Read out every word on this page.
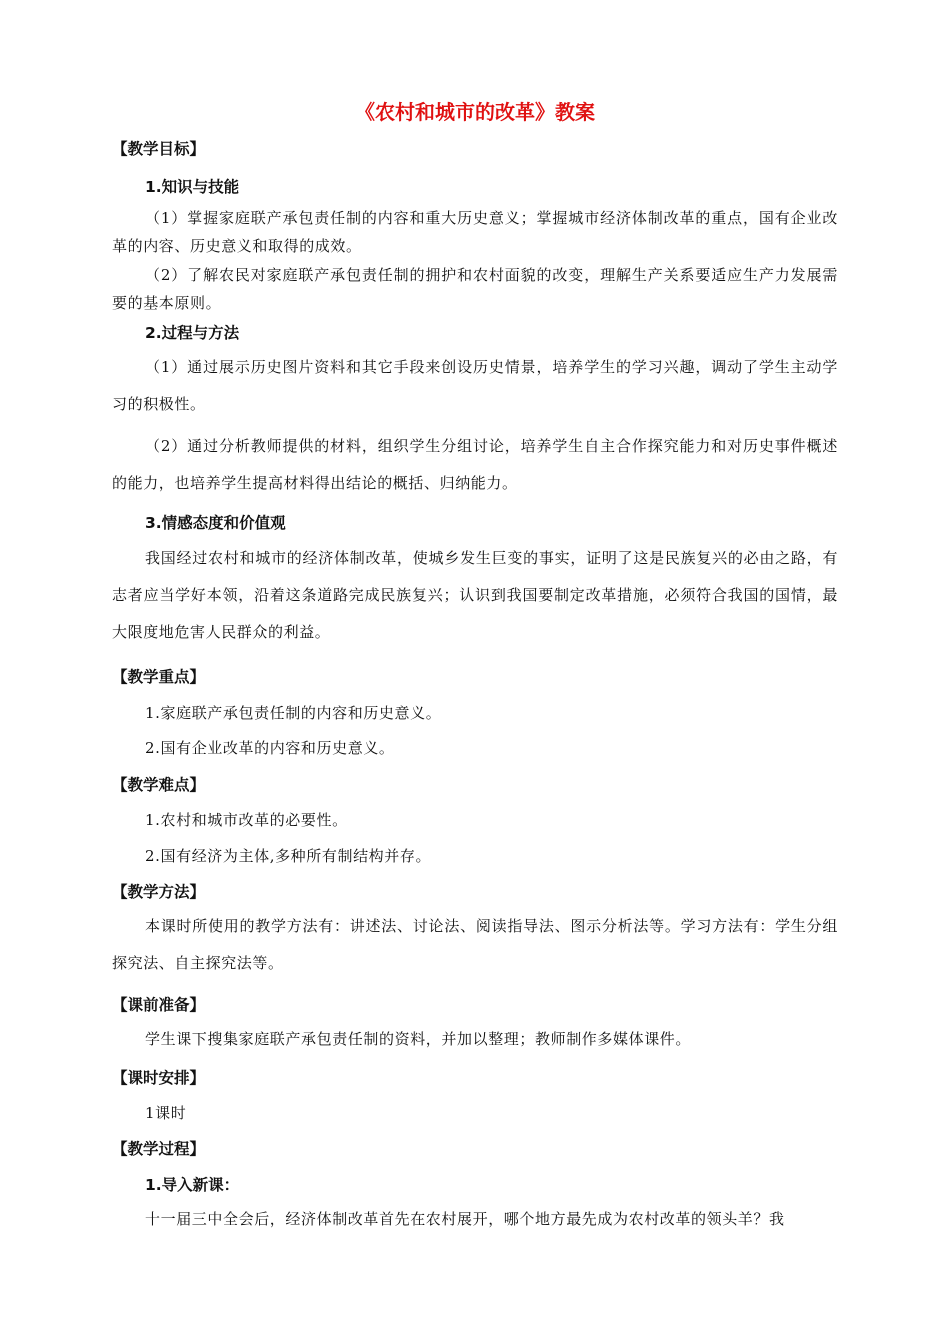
《农村和城市的改革》教案
【教学目标】
1.知识与技能
（1）掌握家庭联产承包责任制的内容和重大历史意义；掌握城市经济体制改革的重点，国有企业改革的内容、历史意义和取得的成效。
（2）了解农民对家庭联产承包责任制的拥护和农村面貌的改变，理解生产关系要适应生产力发展需要的基本原则。
2.过程与方法
（1）通过展示历史图片资料和其它手段来创设历史情景，培养学生的学习兴趣，调动了学生主动学习的积极性。
（2）通过分析教师提供的材料，组织学生分组讨论，培养学生自主合作探究能力和对历史事件概述的能力，也培养学生提高材料得出结论的概括、归纳能力。
3.情感态度和价值观
我国经过农村和城市的经济体制改革，使城乡发生巨变的事实，证明了这是民族复兴的必由之路，有志者应当学好本领，沿着这条道路完成民族复兴；认识到我国要制定改革措施，必须符合我国的国情，最大限度地危害人民群众的利益。
【教学重点】
1.家庭联产承包责任制的内容和历史意义。
2.国有企业改革的内容和历史意义。
【教学难点】
1.农村和城市改革的必要性。
2.国有经济为主体,多种所有制结构并存。
【教学方法】
本课时所使用的教学方法有：讲述法、讨论法、阅读指导法、图示分析法等。学习方法有：学生分组探究法、自主探究法等。
【课前准备】
学生课下搜集家庭联产承包责任制的资料，并加以整理；教师制作多媒体课件。
【课时安排】
1课时
【教学过程】
1.导入新课：
十一届三中全会后，经济体制改革首先在农村展开，哪个地方最先成为农村改革的领头羊？我
